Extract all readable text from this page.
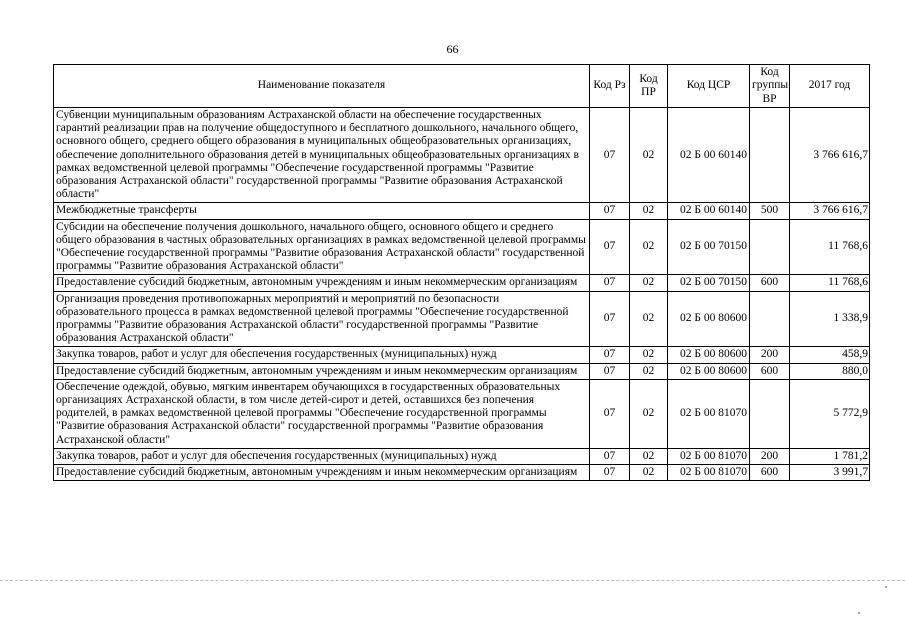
66
Наименование показателя	Код Рз	Код ПР	Код ЦСР	Код группы ВР	2017 год
Субвенции муниципальным образованиям Астраханской области на обеспечение государственных гарантий реализации прав на получение общедоступного и бесплатного дошкольного, начального общего, основного общего, среднего общего образования в муниципальных общеобразовательных организациях, обеспечение дополнительного образования детей в муниципальных общеобразовательных организациях в рамках ведомственной целевой программы "Обеспечение государственной программы "Развитие образования Астраханской области" государственной программы "Развитие образования Астраханской области"	07	02	02 Б 00 60140		3 766 616,7
Межбюджетные трансферты	07	02	02 Б 00 60140	500	3 766 616,7
Субсидии на обеспечение получения дошкольного, начального общего, основного общего и среднего общего образования в частных образовательных организациях в рамках ведомственной целевой программы "Обеспечение государственной программы "Развитие образования Астраханской области" государственной программы "Развитие образования Астраханской области"	07	02	02 Б 00 70150		11 768,6
Предоставление субсидий бюджетным, автономным учреждениям и иным некоммерческим организациям	07	02	02 Б 00 70150	600	11 768,6
Организация проведения противопожарных мероприятий и мероприятий по безопасности образовательного процесса в рамках ведомственной целевой программы "Обеспечение государственной программы "Развитие образования Астраханской области" государственной программы "Развитие образования Астраханской области"	07	02	02 Б 00 80600		1 338,9
Закупка товаров, работ и услуг для обеспечения государственных (муниципальных) нужд	07	02	02 Б 00 80600	200	458,9
Предоставление субсидий бюджетным, автономным учреждениям и иным некоммерческим организациям	07	02	02 Б 00 80600	600	880,0
Обеспечение одеждой, обувью, мягким инвентарем обучающихся в государственных образовательных организациях Астраханской области, в том числе детей-сирот и детей, оставшихся без попечения родителей, в рамках ведомственной целевой программы "Обеспечение государственной программы "Развитие образования Астраханской области" государственной программы "Развитие образования Астраханской области"	07	02	02 Б 00 81070		5 772,9
Закупка товаров, работ и услуг для обеспечения государственных (муниципальных) нужд	07	02	02 Б 00 81070	200	1 781,2
Предоставление субсидий бюджетным, автономным учреждениям и иным некоммерческим организациям	07	02	02 Б 00 81070	600	3 991,7
